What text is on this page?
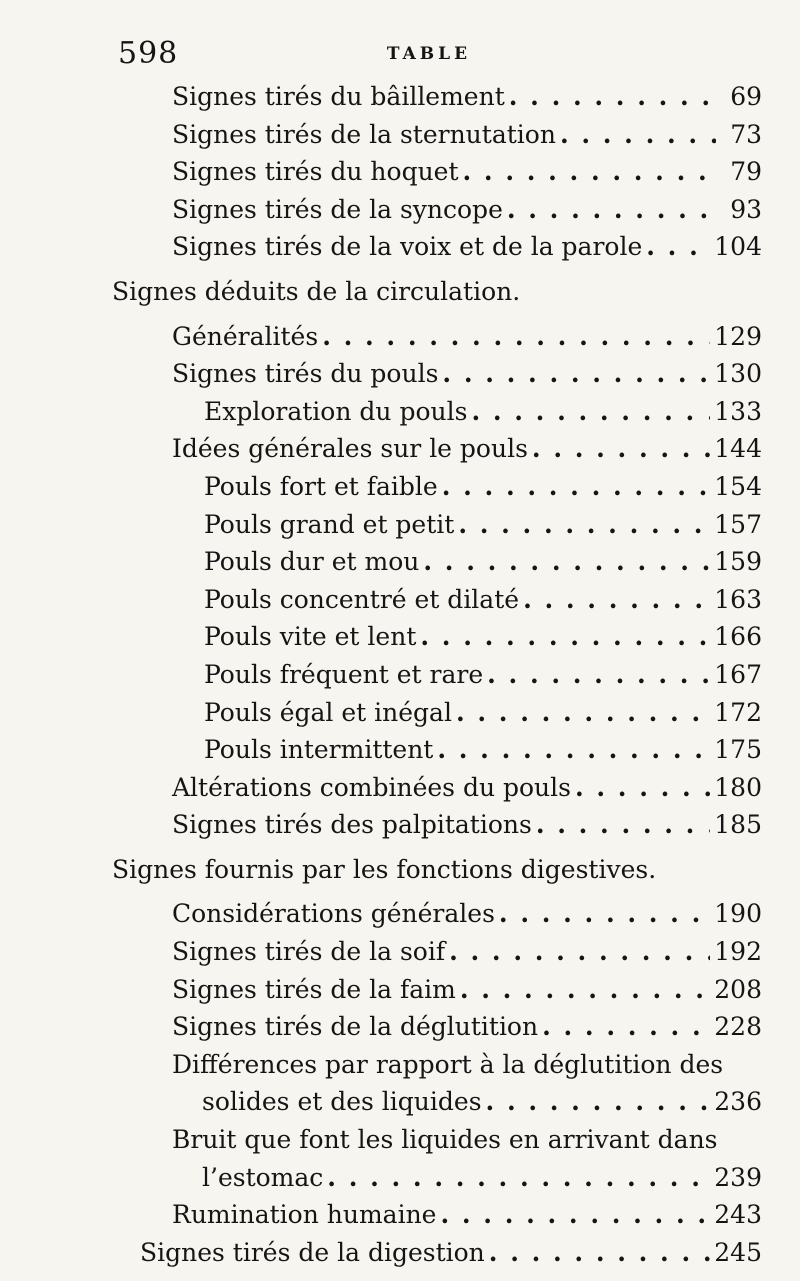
598	TABLE
Signes tirés du bâillement . . .	69
Signes tirés de la sternutation . . .	73
Signes tirés du hoquet . . .	79
Signes tirés de la syncope . . .	93
Signes tirés de la voix et de la parole . . .	104
Signes déduits de la circulation.
Généralités . . .	129
Signes tirés du pouls . . .	130
Exploration du pouls . . .	133
Idées générales sur le pouls . . .	144
Pouls fort et faible . . .	154
Pouls grand et petit . . .	157
Pouls dur et mou . . .	159
Pouls concentré et dilaté . . .	163
Pouls vite et lent . . .	166
Pouls fréquent et rare . . .	167
Pouls égal et inégal . . .	172
Pouls intermittent . . .	175
Altérations combinées du pouls . . .	180
Signes tirés des palpitations . . .	185
Signes fournis par les fonctions digestives.
Considérations générales . . .	190
Signes tirés de la soif . . .	192
Signes tirés de la faim . . .	208
Signes tirés de la déglutition . . .	228
Différences par rapport à la déglutition des
solides et des liquides . . .	236
Bruit que font les liquides en arrivant dans
l’estomac . . .	239
Rumination humaine . . .	243
Signes tirés de la digestion . . .	245
